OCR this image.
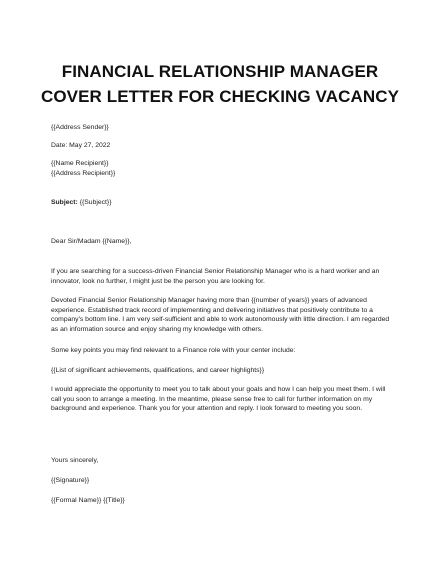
FINANCIAL RELATIONSHIP MANAGER
COVER LETTER FOR CHECKING VACANCY

{{Address Sender}}

Date: May 27, 2022

{{Name Recipient}}

{{Address Recipient}}

Subject: {{Subject}}

Dear Sir/Madam {{Name}},

If you are searching for a success-driven Financial Senior Relationship Manager who is a hard worker and an innovator, look no further, I might just be the person you are looking for.

Devoted Financial Senior Relationship Manager having more than {{number of years}} years of advanced experience. Established track record of implementing and delivering initiatives that positively contribute to a company's bottom line. I am very self-sufficient and able to work autonomously with little direction. I am regarded as an information source and enjoy sharing my knowledge with others.

Some key points you may find relevant to a Finance role with your center include:

{{List of significant achievements, qualifications, and career highlights}}

I would appreciate the opportunity to meet you to talk about your goals and how I can help you meet them. I will call you soon to arrange a meeting. In the meantime, please sense free to call for further information on my background and experience. Thank you for your attention and reply. I look forward to meeting you soon.

Yours sincerely,

{{Signature}}

{{Formal Name}} {{Title}}
